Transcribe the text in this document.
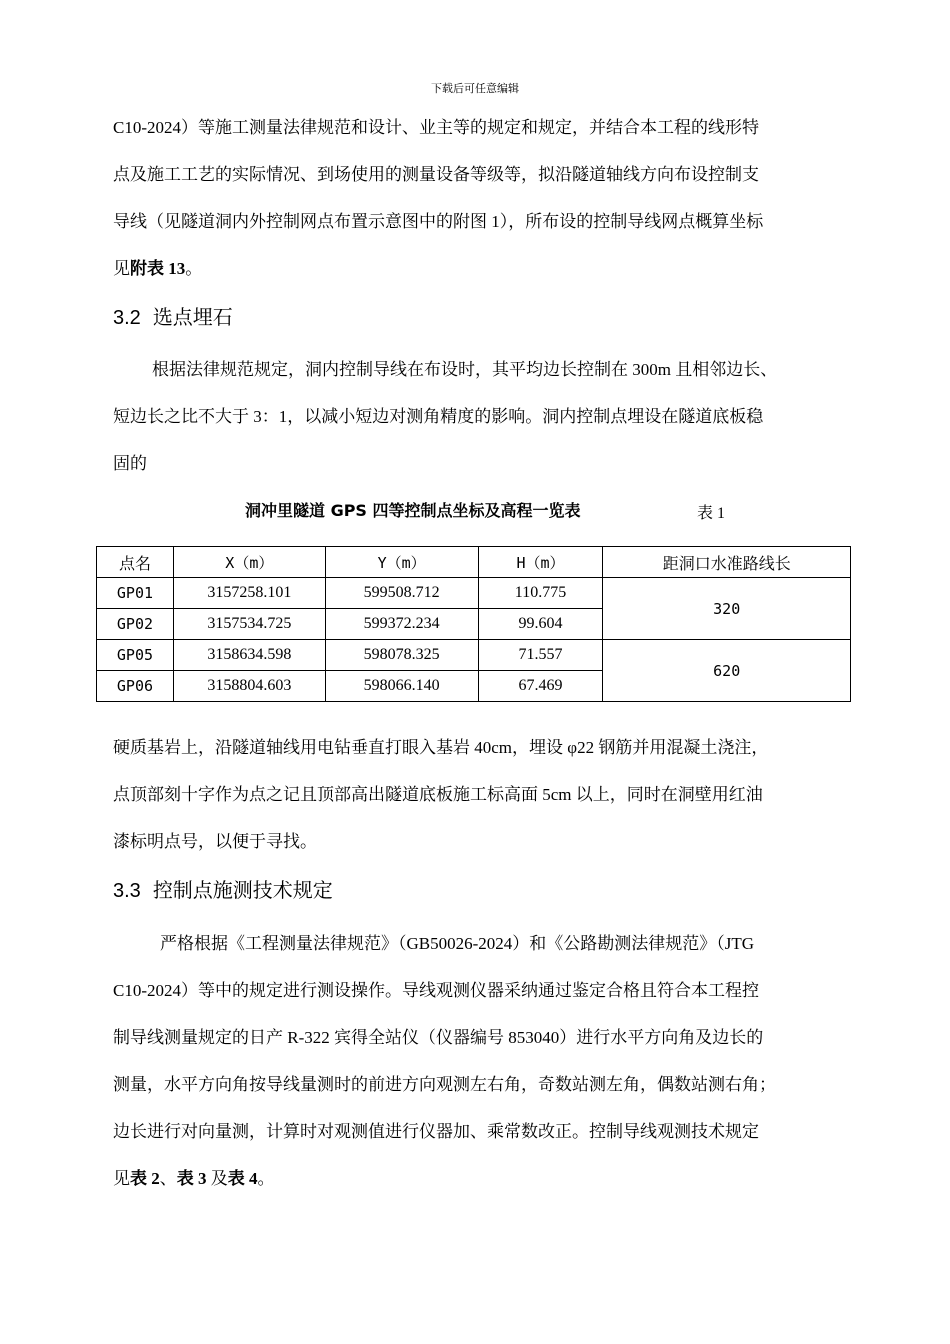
下载后可任意编辑
C10-2024）等施工测量法律规范和设计、业主等的规定和规定，并结合本工程的线形特
点及施工工艺的实际情况、到场使用的测量设备等级等，拟沿隧道轴线方向布设控制支
导线（见隧道洞内外控制网点布置示意图中的附图 1），所布设的控制导线网点概算坐标
见附表 13。
3.2 选点埋石
根据法律规范规定，洞内控制导线在布设时，其平均边长控制在 300m 且相邻边长、
短边长之比不大于 3：1，以减小短边对测角精度的影响。洞内控制点埋设在隧道底板稳
固的
洞冲里隧道 GPS 四等控制点坐标及高程一览表	表 1
点名	X（m）	Y（m）	H（m）	距洞口水准路线长
GP01	3157258.101	599508.712	110.775	320
GP02	3157534.725	599372.234	99.604	
GP05	3158634.598	598078.325	71.557	620
GP06	3158804.603	598066.140	67.469	
硬质基岩上，沿隧道轴线用电钻垂直打眼入基岩 40cm，埋设 φ22 钢筋并用混凝土浇注，
点顶部刻十字作为点之记且顶部高出隧道底板施工标高面 5cm 以上，同时在洞壁用红油
漆标明点号，以便于寻找。
3.3 控制点施测技术规定
严格根据《工程测量法律规范》（GB50026-2024）和《公路勘测法律规范》（JTG
C10-2024）等中的规定进行测设操作。导线观测仪器采纳通过鉴定合格且符合本工程控
制导线测量规定的日产 R-322 宾得全站仪（仪器编号 853040）进行水平方向角及边长的
测量，水平方向角按导线量测时的前进方向观测左右角，奇数站测左角，偶数站测右角；
边长进行对向量测，计算时对观测值进行仪器加、乘常数改正。控制导线观测技术规定
见表 2、表 3 及表 4。
